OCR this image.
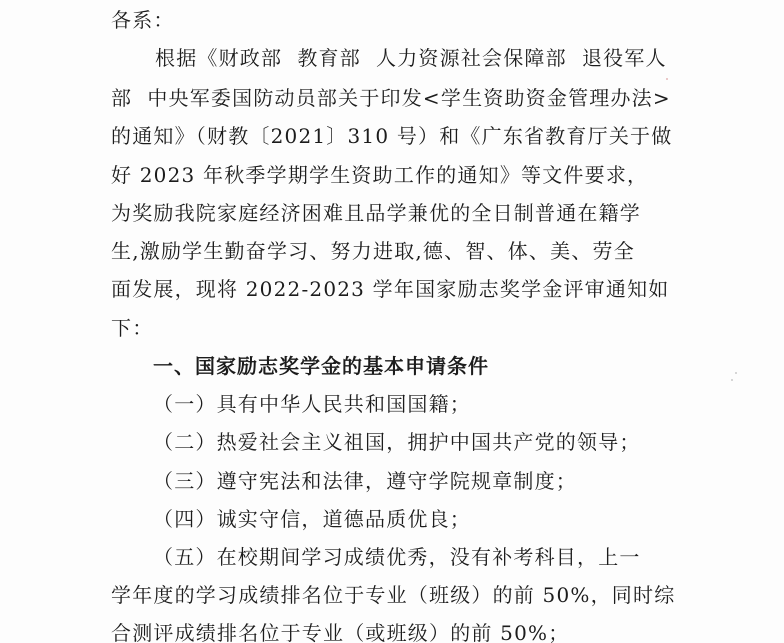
各系：
根据《财政部  教育部  人力资源社会保障部  退役军人
部  中央军委国防动员部关于印发<学生资助资金管理办法>
的通知》（财教〔2021〕310 号）和《广东省教育厅关于做
好 2023 年秋季学期学生资助工作的通知》等文件要求，
为奖励我院家庭经济困难且品学兼优的全日制普通在籍学
生,激励学生勤奋学习、努力进取,德、智、体、美、劳全
面发展，现将 2022-2023 学年国家励志奖学金评审通知如
下：
一、国家励志奖学金的基本申请条件
（一）具有中华人民共和国国籍；
（二）热爱社会主义祖国，拥护中国共产党的领导；
（三）遵守宪法和法律，遵守学院规章制度；
（四）诚实守信，道德品质优良；
（五）在校期间学习成绩优秀，没有补考科目，上一
学年度的学习成绩排名位于专业（班级）的前 50%，同时综
合测评成绩排名位于专业（或班级）的前 50%；
